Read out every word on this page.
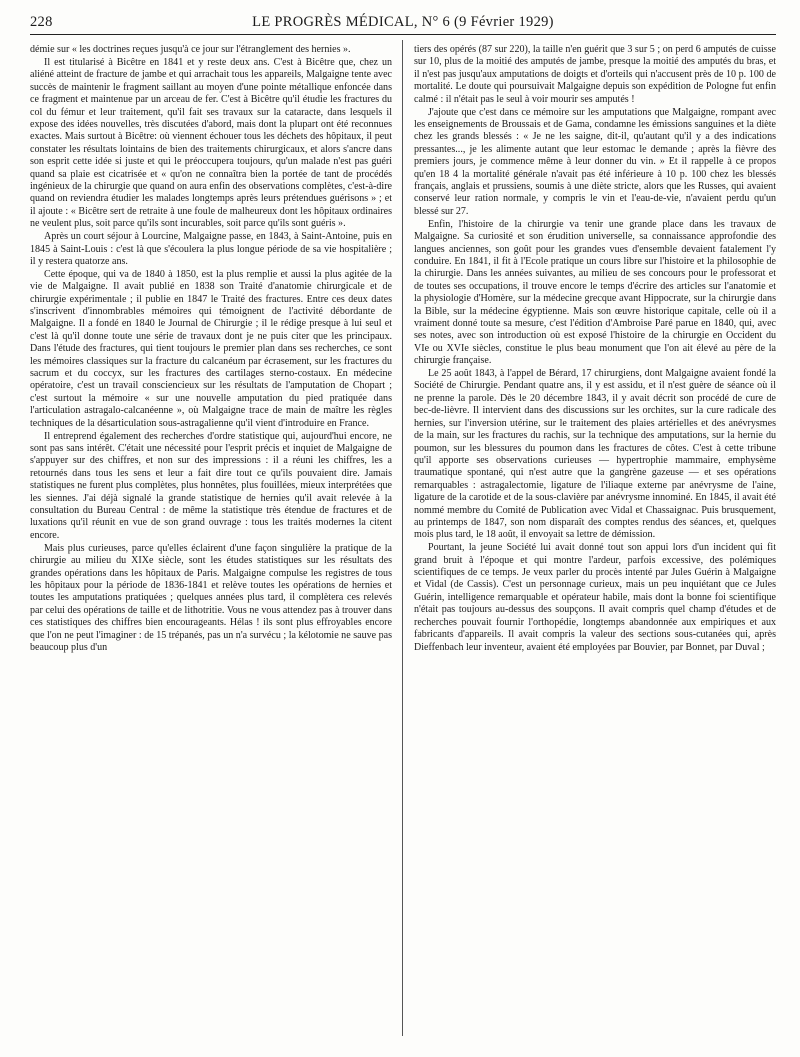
228	LE PROGRÈS MÉDICAL, N° 6 (9 Février 1929)

démie sur « les doctrines reçues jusqu'à ce jour sur l'étranglement des hernies ».

Il est titularisé à Bicêtre en 1841 et y reste deux ans. C'est à Bicêtre que, chez un aliéné atteint de fracture de jambe et qui arrachait tous les appareils, Malgaigne tente avec succès de maintenir le fragment saillant au moyen d'une pointe métallique enfoncée dans ce fragment et maintenue par un arceau de fer. C'est à Bicêtre qu'il étudie les fractures du col du fémur et leur traitement, qu'il fait ses travaux sur la cataracte, dans lesquels il expose des idées nouvelles, très discutées d'abord, mais dont la plupart ont été reconnues exactes. Mais surtout à Bicêtre: où viennent échouer tous les déchets des hôpitaux, il peut constater les résultats lointains de bien des traitements chirurgicaux, et alors s'ancre dans son esprit cette idée si juste et qui le préoccupera toujours, qu'un malade n'est pas guéri quand sa plaie est cicatrisée et « qu'on ne connaîtra bien la portée de tant de procédés ingénieux de la chirurgie que quand on aura enfin des observations complètes, c'est-à-dire quand on reviendra étudier les malades longtemps après leurs prétendues guérisons » ; et il ajoute : « Bicêtre sert de retraite à une foule de malheureux dont les hôpitaux ordinaires ne veulent plus, soit parce qu'ils sont incurables, soit parce qu'ils sont guéris ».

Après un court séjour à Lourcine, Malgaigne passe, en 1843, à Saint-Antoine, puis en 1845 à Saint-Louis : c'est là que s'écoulera la plus longue période de sa vie hospitalière ; il y restera quatorze ans.

Cette époque, qui va de 1840 à 1850, est la plus remplie et aussi la plus agitée de la vie de Malgaigne. Il avait publié en 1838 son Traité d'anatomie chirurgicale et de chirurgie expérimentale ; il publie en 1847 le Traité des fractures. Entre ces deux dates s'inscrivent d'innombrables mémoires qui témoignent de l'activité débordante de Malgaigne. Il a fondé en 1840 le Journal de Chirurgie ; il le rédige presque à lui seul et c'est là qu'il donne toute une série de travaux dont je ne puis citer que les principaux. Dans l'étude des fractures, qui tient toujours le premier plan dans ses recherches, ce sont les mémoires classiques sur la fracture du calcanéum par écrasement, sur les fractures du sacrum et du coccyx, sur les fractures des cartilages sterno-costaux. En médecine opératoire, c'est un travail consciencieux sur les résultats de l'amputation de Chopart ; c'est surtout la mémoire « sur une nouvelle amputation du pied pratiquée dans l'articulation astragalo-calcanéenne », où Malgaigne trace de main de maître les règles techniques de la désarticulation sous-astragalienne qu'il vient d'introduire en France.

Il entreprend également des recherches d'ordre statistique qui, aujourd'hui encore, ne sont pas sans intérêt. C'était une nécessité pour l'esprit précis et inquiet de Malgaigne de s'appuyer sur des chiffres, et non sur des impressions : il a réuni les chiffres, les a retournés dans tous les sens et leur a fait dire tout ce qu'ils pouvaient dire. Jamais statistiques ne furent plus complètes, plus honnêtes, plus fouillées, mieux interprétées que les siennes. J'ai déjà signalé la grande statistique de hernies qu'il avait relevée à la consultation du Bureau Central : de même la statistique très étendue de fractures et de luxations qu'il réunit en vue de son grand ouvrage : tous les traités modernes la citent encore.

Mais plus curieuses, parce qu'elles éclairent d'une façon singulière la pratique de la chirurgie au milieu du XIXe siècle, sont les études statistiques sur les résultats des grandes opérations dans les hôpitaux de Paris. Malgaigne compulse les registres de tous les hôpitaux pour la période de 1836-1841 et relève toutes les opérations de hernies et toutes les amputations pratiquées ; quelques années plus tard, il complètera ces relevés par celui des opérations de taille et de lithotritie. Vous ne vous attendez pas à trouver dans ces statistiques des chiffres bien encourageants. Hélas ! ils sont plus effroyables encore que l'on ne peut l'imaginer : de 15 trépanés, pas un n'a survécu ; la kélotomie ne sauve pas beaucoup plus d'un

tiers des opérés (87 sur 220), la taille n'en guérit que 3 sur 5 ; on perd 6 amputés de cuisse sur 10, plus de la moitié des amputés de jambe, presque la moitié des amputés du bras, et il n'est pas jusqu'aux amputations de doigts et d'orteils qui n'accusent près de 10 p. 100 de mortalité. Le doute qui poursuivait Malgaigne depuis son expédition de Pologne fut enfin calmé : il n'était pas le seul à voir mourir ses amputés !

J'ajoute que c'est dans ce mémoire sur les amputations que Malgaigne, rompant avec les enseignements de Broussais et de Gama, condamne les émissions sanguines et la diète chez les grands blessés : « Je ne les saigne, dit-il, qu'autant qu'il y a des indications pressantes..., je les alimente autant que leur estomac le demande ; après la fièvre des premiers jours, je commence même à leur donner du vin. » Et il rappelle à ce propos qu'en 18 4 la mortalité générale n'avait pas été inférieure à 10 p. 100 chez les blessés français, anglais et prussiens, soumis à une diète stricte, alors que les Russes, qui avaient conservé leur ration normale, y compris le vin et l'eau-de-vie, n'avaient perdu qu'un blessé sur 27.

Enfin, l'histoire de la chirurgie va tenir une grande place dans les travaux de Malgaigne. Sa curiosité et son érudition universelle, sa connaissance approfondie des langues anciennes, son goût pour les grandes vues d'ensemble devaient fatalement l'y conduire. En 1841, il fit à l'Ecole pratique un cours libre sur l'histoire et la philosophie de la chirurgie. Dans les années suivantes, au milieu de ses concours pour le professorat et de toutes ses occupations, il trouve encore le temps d'écrire des articles sur l'anatomie et la physiologie d'Homère, sur la médecine grecque avant Hippocrate, sur la chirurgie dans la Bible, sur la médecine égyptienne. Mais son œuvre historique capitale, celle où il a vraiment donné toute sa mesure, c'est l'édition d'Ambroise Paré parue en 1840, qui, avec ses notes, avec son introduction où est exposé l'histoire de la chirurgie en Occident du VIe ou XVIe siècles, constitue le plus beau monument que l'on ait élevé au père de la chirurgie française.

Le 25 août 1843, à l'appel de Bérard, 17 chirurgiens, dont Malgaigne avaient fondé la Société de Chirurgie. Pendant quatre ans, il y est assidu, et il n'est guère de séance où il ne prenne la parole. Dès le 20 décembre 1843, il y avait décrit son procédé de cure de bec-de-lièvre. Il intervient dans des discussions sur les orchites, sur la cure radicale des hernies, sur l'inversion utérine, sur le traitement des plaies artérielles et des anévrysmes de la main, sur les fractures du rachis, sur la technique des amputations, sur la hernie du poumon, sur les blessures du poumon dans les fractures de côtes. C'est à cette tribune qu'il apporte ses observations curieuses — hypertrophie mammaire, emphysème traumatique spontané, qui n'est autre que la gangrène gazeuse — et ses opérations remarquables : astragalectomie, ligature de l'iliaque externe par anévrysme de l'aine, ligature de la carotide et de la sous-clavière par anévrysme innominé. En 1845, il avait été nommé membre du Comité de Publication avec Vidal et Chassaignac. Puis brusquement, au printemps de 1847, son nom disparaît des comptes rendus des séances, et, quelques mois plus tard, le 18 août, il envoyait sa lettre de démission.

Pourtant, la jeune Société lui avait donné tout son appui lors d'un incident qui fit grand bruit à l'époque et qui montre l'ardeur, parfois excessive, des polémiques scientifiques de ce temps. Je veux parler du procès intenté par Jules Guérin à Malgaigne et Vidal (de Cassis). C'est un personnage curieux, mais un peu inquiétant que ce Jules Guérin, intelligence remarquable et opérateur habile, mais dont la bonne foi scientifique n'était pas toujours au-dessus des soupçons. Il avait compris quel champ d'études et de recherches pouvait fournir l'orthopédie, longtemps abandonnée aux empiriques et aux fabricants d'appareils. Il avait compris la valeur des sections sous-cutanées qui, après Dieffenbach leur inventeur, avaient été employées par Bouvier, par Bonnet, par Duval ;
